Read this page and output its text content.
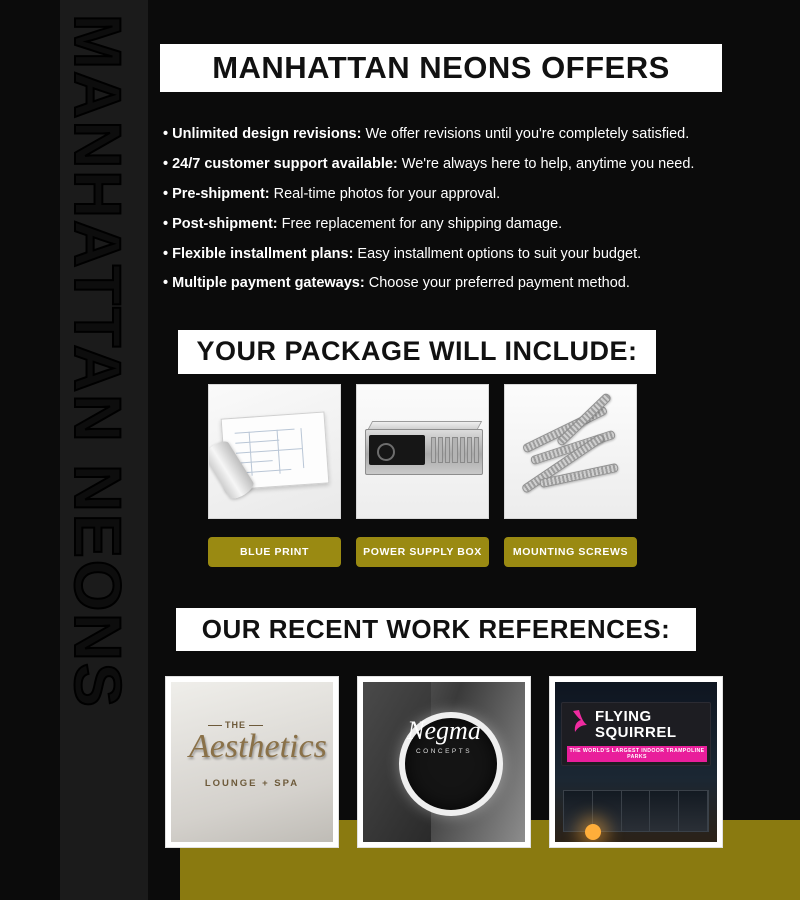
MANHATTAN NEONS	MANHATTAN NEONS OFFERS
• Unlimited design revisions: We offer revisions until you're completely satisfied.
• 24/7 customer support available: We're always here to help, anytime you need.
• Pre-shipment: Real-time photos for your approval.
• Post-shipment: Free replacement for any shipping damage.
• Flexible installment plans: Easy installment options to suit your budget.
• Multiple payment gateways: Choose your preferred payment method.
YOUR PACKAGE WILL INCLUDE:
BLUE PRINT	POWER SUPPLY BOX	MOUNTING SCREWS
OUR RECENT WORK REFERENCES:
THE
Aesthetics
LOUNGE + SPA
Negma
CONCEPTS
FLYING
SQUIRREL
THE WORLD'S LARGEST INDOOR TRAMPOLINE PARKS
